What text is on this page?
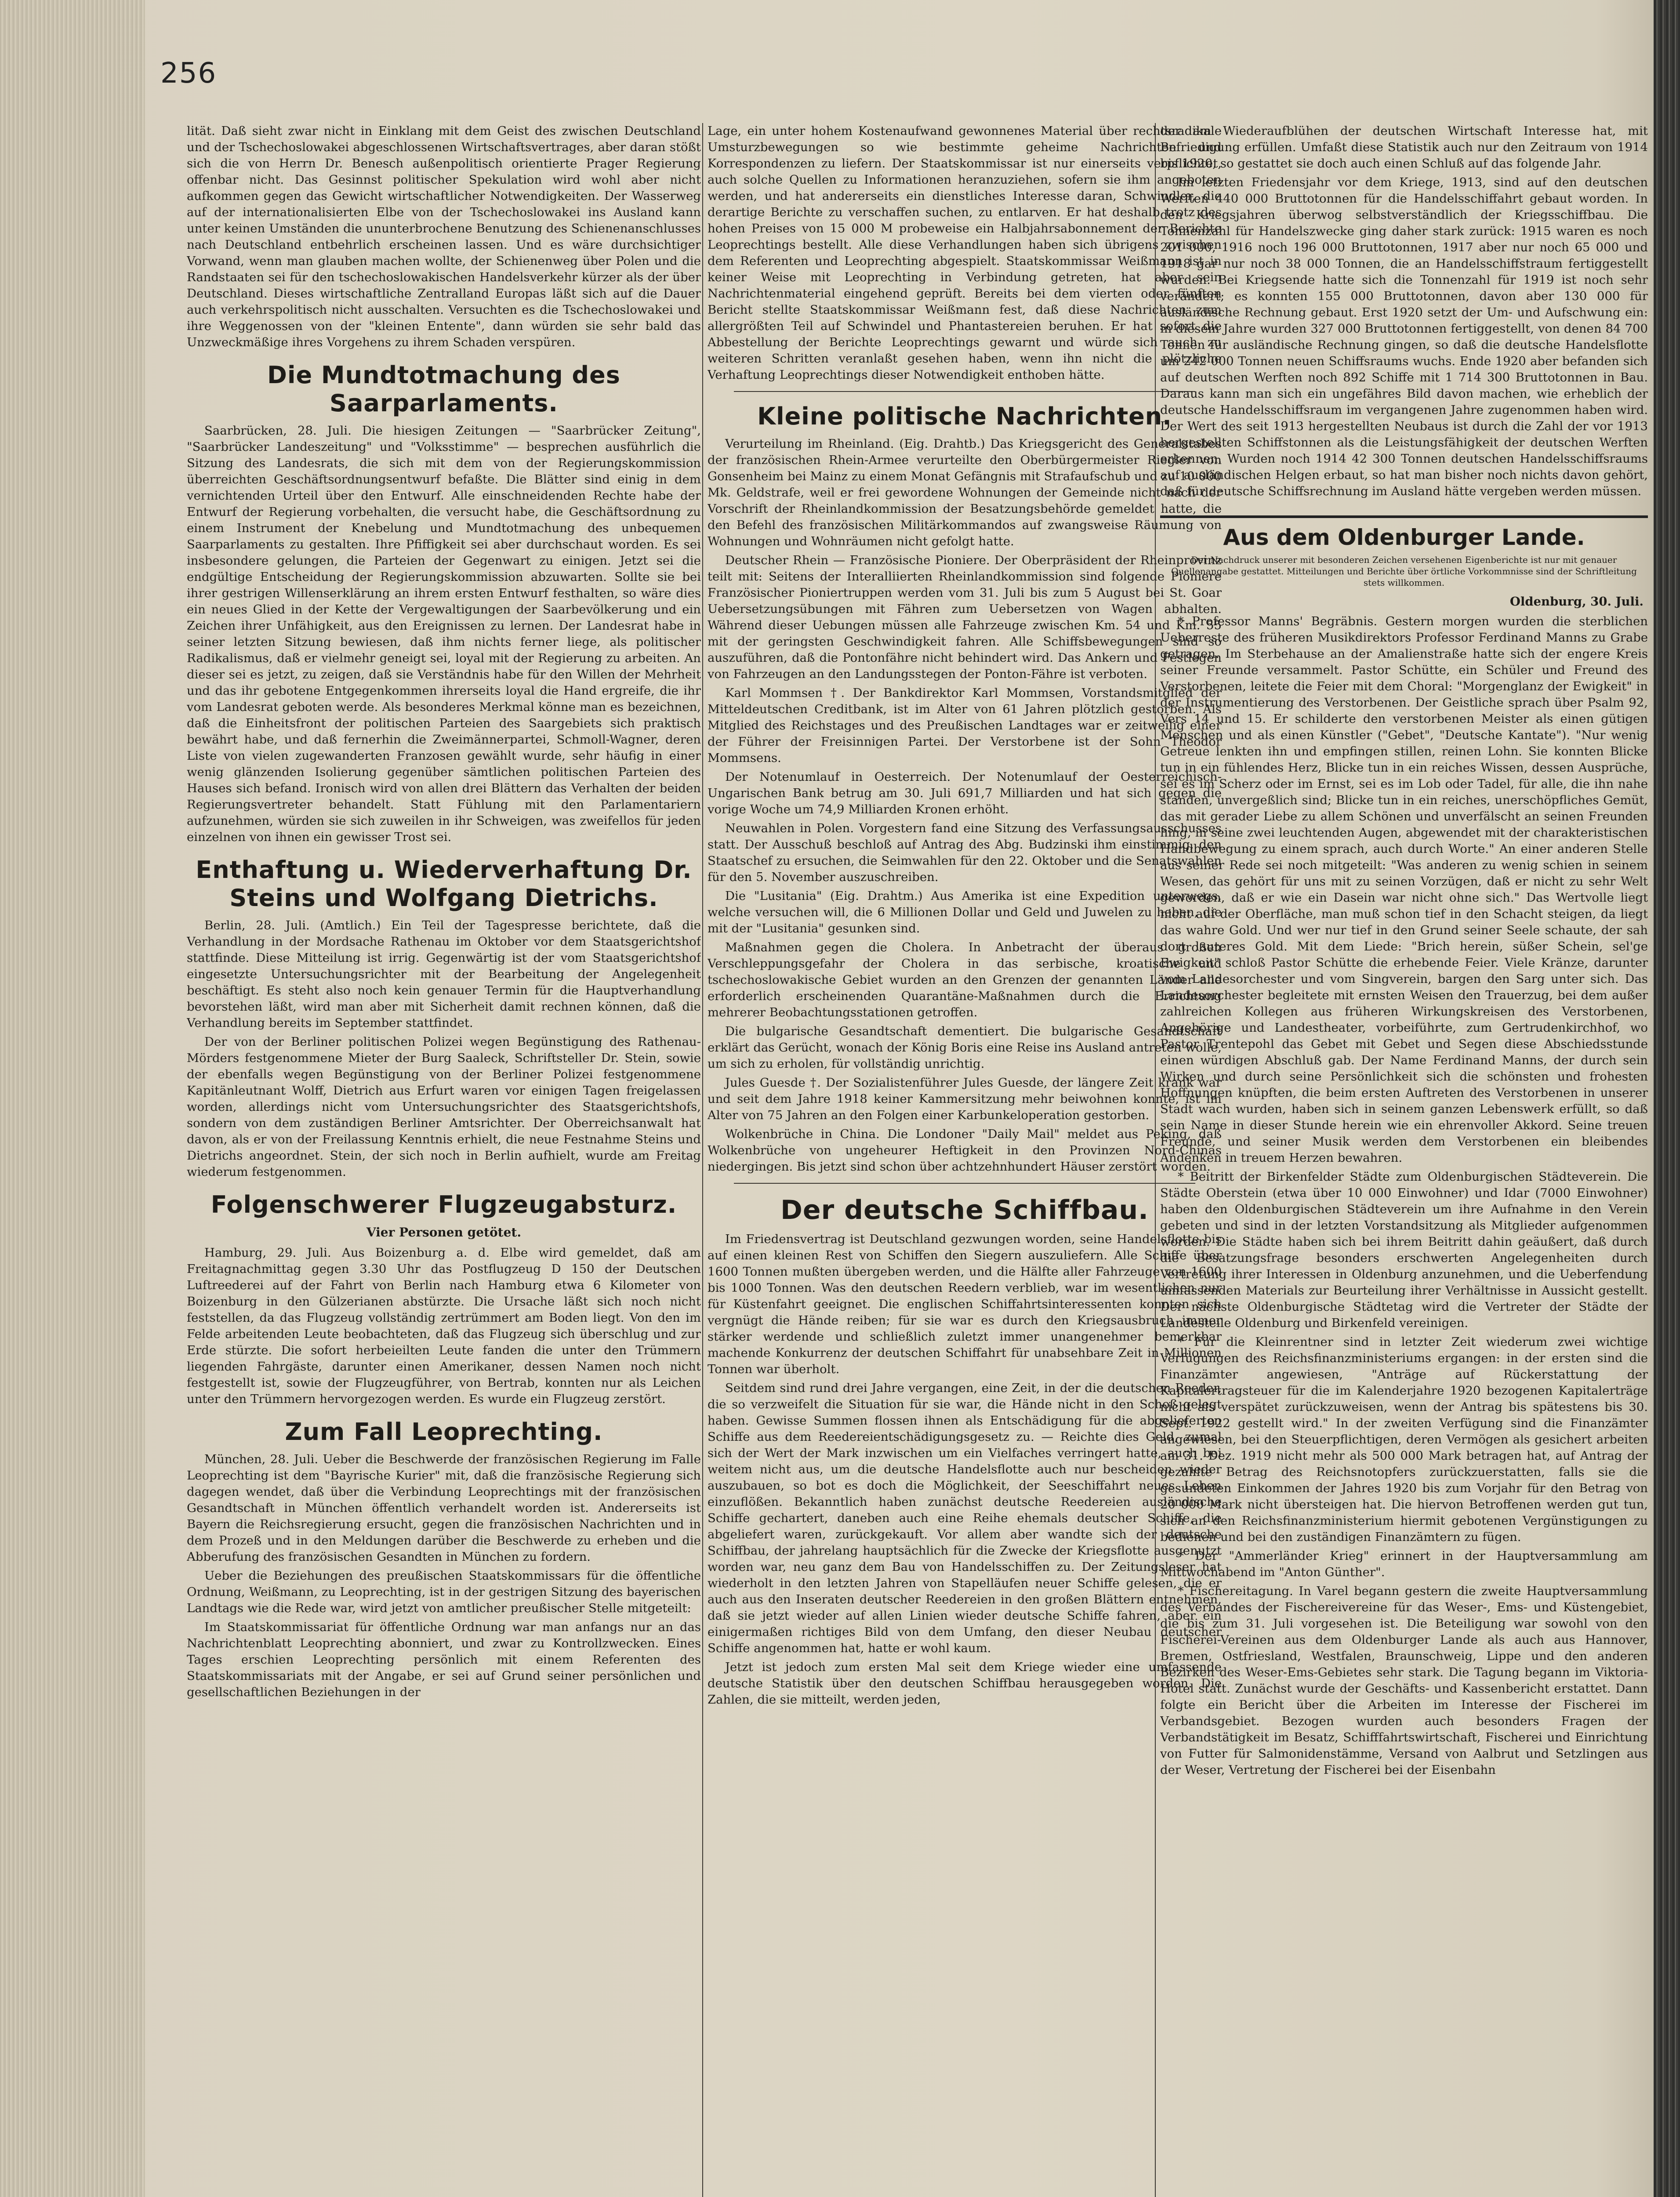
256

lität. Daß sieht zwar nicht in Einklang mit dem Geist des zwischen Deutschland und der Tschechoslowakei abgeschlossenen Wirtschaftsvertrages, aber daran stößt sich die von Herrn Dr. Benesch außenpolitisch orientierte Prager Regierung offenbar nicht. Das Gesinnst politischer Spekulation wird wohl aber nicht aufkommen gegen das Gewicht wirtschaftlicher Notwendigkeiten. Der Wasserweg auf der internationalisierten Elbe von der Tschechoslowakei ins Ausland kann unter keinen Umständen die ununterbrochene Benutzung des Schienenanschlusses nach Deutschland entbehrlich erscheinen lassen. Und es wäre durchsichtiger Vorwand, wenn man glauben machen wollte, der Schienenweg über Polen und die Randstaaten sei für den tschechoslowakischen Handelsverkehr kürzer als der über Deutschland. Dieses wirtschaftliche Zentralland Europas läßt sich auf die Dauer auch verkehrspolitisch nicht ausschalten. Versuchten es die Tschechoslowakei und ihre Weggenossen von der "kleinen Entente", dann würden sie sehr bald das Unzweckmäßige ihres Vorgehens zu ihrem Schaden verspüren.

Die Mundtotmachung des Saarparlaments.

Saarbrücken, 28. Juli. Die hiesigen Zeitungen — "Saarbrücker Zeitung", "Saarbrücker Landeszeitung" und "Volksstimme" — besprechen ausführlich die Sitzung des Landesrats, die sich mit dem von der Regierungskommission überreichten Geschäftsordnungsentwurf befaßte. Die Blätter sind einig in dem vernichtenden Urteil über den Entwurf. Alle einschneidenden Rechte habe der Entwurf der Regierung vorbehalten, die versucht habe, die Geschäftsordnung zu einem Instrument der Knebelung und Mundtotmachung des unbequemen Saarparlaments zu gestalten. Ihre Pfiffigkeit sei aber durchschaut worden. Es sei insbesondere gelungen, die Parteien der Gegenwart zu einigen. Jetzt sei die endgültige Entscheidung der Regierungskommission abzuwarten. Sollte sie bei ihrer gestrigen Willenserklärung an ihrem ersten Entwurf festhalten, so wäre dies ein neues Glied in der Kette der Vergewaltigungen der Saarbevölkerung und ein Zeichen ihrer Unfähigkeit, aus den Ereignissen zu lernen. Der Landesrat habe in seiner letzten Sitzung bewiesen, daß ihm nichts ferner liege, als politischer Radikalismus, daß er vielmehr geneigt sei, loyal mit der Regierung zu arbeiten. An dieser sei es jetzt, zu zeigen, daß sie Verständnis habe für den Willen der Mehrheit und das ihr gebotene Entgegenkommen ihrerseits loyal die Hand ergreife, die ihr vom Landesrat geboten werde. Als besonderes Merkmal könne man es bezeichnen, daß die Einheitsfront der politischen Parteien des Saargebiets sich praktisch bewährt habe, und daß fernerhin die Zweimännerpartei, Schmoll-Wagner, deren Liste von vielen zugewanderten Franzosen gewählt wurde, sehr häufig in einer wenig glänzenden Isolierung gegenüber sämtlichen politischen Parteien des Hauses sich befand. Ironisch wird von allen drei Blättern das Verhalten der beiden Regierungsvertreter behandelt. Statt Fühlung mit den Parlamentariern aufzunehmen, würden sie sich zuweilen in ihr Schweigen, was zweifellos für jeden einzelnen von ihnen ein gewisser Trost sei.

Enthaftung u. Wiederverhaftung Dr. Steins und Wolfgang Dietrichs.

Berlin, 28. Juli. (Amtlich.) Ein Teil der Tagespresse berichtete, daß die Verhandlung in der Mordsache Rathenau im Oktober vor dem Staatsgerichtshof stattfinde. Diese Mitteilung ist irrig. Gegenwärtig ist der vom Staatsgerichtshof eingesetzte Untersuchungsrichter mit der Bearbeitung der Angelegenheit beschäftigt. Es steht also noch kein genauer Termin für die Hauptverhandlung bevorstehen läßt, wird man aber mit Sicherheit damit rechnen können, daß die Verhandlung bereits im September stattfindet.

Der von der Berliner politischen Polizei wegen Begünstigung des Rathenau-Mörders festgenommene Mieter der Burg Saaleck, Schriftsteller Dr. Stein, sowie der ebenfalls wegen Begünstigung von der Berliner Polizei festgenommene Kapitänleutnant Wolff, Dietrich aus Erfurt waren vor einigen Tagen freigelassen worden, allerdings nicht vom Untersuchungsrichter des Staatsgerichtshofs, sondern von dem zuständigen Berliner Amtsrichter. Der Oberreichsanwalt hat davon, als er von der Freilassung Kenntnis erhielt, die neue Festnahme Steins und Dietrichs angeordnet. Stein, der sich noch in Berlin aufhielt, wurde am Freitag wiederum festgenommen.

Folgenschwerer Flugzeugabsturz.
Vier Personen getötet.

Hamburg, 29. Juli. Aus Boizenburg a. d. Elbe wird gemeldet, daß am Freitagnachmittag gegen 3.30 Uhr das Postflugzeug D 150 der Deutschen Luftreederei auf der Fahrt von Berlin nach Hamburg etwa 6 Kilometer von Boizenburg in den Gülzerianen abstürzte. Die Ursache läßt sich noch nicht feststellen, da das Flugzeug vollständig zertrümmert am Boden liegt. Von den im Felde arbeitenden Leute beobachteten, daß das Flugzeug sich überschlug und zur Erde stürzte. Die sofort herbeieilten Leute fanden die unter den Trümmern liegenden Fahrgäste, darunter einen Amerikaner, dessen Namen noch nicht festgestellt ist, sowie der Flugzeugführer, von Bertrab, konnten nur als Leichen unter den Trümmern hervorgezogen werden. Es wurde ein Flugzeug zerstört.

Zum Fall Leoprechting.

München, 28. Juli. Ueber die Beschwerde der französischen Regierung im Falle Leoprechting ist dem "Bayrische Kurier" mit, daß die französische Regierung sich dagegen wendet, daß über die Verbindung Leoprechtings mit der französischen Gesandtschaft in München öffentlich verhandelt worden ist. Andererseits ist Bayern die Reichsregierung ersucht, gegen die französischen Nachrichten und in dem Prozeß und in den Meldungen darüber die Beschwerde zu erheben und die Abberufung des französischen Gesandten in München zu fordern.

Ueber die Beziehungen des preußischen Staatskommissars für die öffentliche Ordnung, Weißmann, zu Leoprechting, ist in der gestrigen Sitzung des bayerischen Landtags wie die Rede war, wird jetzt von amtlicher preußischer Stelle mitgeteilt:

Im Staatskommissariat für öffentliche Ordnung war man anfangs nur an das Nachrichtenblatt Leoprechting abonniert, und zwar zu Kontrollzwecken. Eines Tages erschien Leoprechting persönlich mit einem Referenten des Staatskommissariats mit der Angabe, er sei auf Grund seiner persönlichen und gesellschaftlichen Beziehungen in der

Lage, ein unter hohem Kostenaufwand gewonnenes Material über rechtsradikale Umsturzbewegungen so wie bestimmte geheime Nachrichten und Korrespondenzen zu liefern. Der Staatskommissar ist nur einerseits verpflichtet, auch solche Quellen zu Informationen heranzuziehen, sofern sie ihm angeboten werden, und hat andererseits ein dienstliches Interesse daran, Schwindler, die derartige Berichte zu verschaffen suchen, zu entlarven. Er hat deshalb trotz des hohen Preises von 15 000 M probeweise ein Halbjahrsabonnement der Berichte Leoprechtings bestellt. Alle diese Verhandlungen haben sich übrigens zwischen dem Referenten und Leoprechting abgespielt. Staatskommissar Weißmann ist in keiner Weise mit Leoprechting in Verbindung getreten, hat aber sein Nachrichtenmaterial eingehend geprüft. Bereits bei dem vierten oder fünften Bericht stellte Staatskommissar Weißmann fest, daß diese Nachrichten zum allergrößten Teil auf Schwindel und Phantastereien beruhen. Er hat sofort die Abbestellung der Berichte Leoprechtings gewarnt und würde sich auch zu weiteren Schritten veranlaßt gesehen haben, wenn ihn nicht die plötzliche Verhaftung Leoprechtings dieser Notwendigkeit enthoben hätte.

Kleine politische Nachrichten.

Verurteilung im Rheinland. (Eig. Drahtb.) Das Kriegsgericht des Generalstabes der französischen Rhein-Armee verurteilte den Oberbürgermeister Riegler von Gonsenheim bei Mainz zu einem Monat Gefängnis mit Strafaufschub und zu 10 000 Mk. Geldstrafe, weil er frei gewordene Wohnungen der Gemeinde nicht nach der Vorschrift der Rheinlandkommission der Besatzungsbehörde gemeldet hatte, die den Befehl des französischen Militärkommandos auf zwangsweise Räumung von Wohnungen und Wohnräumen nicht gefolgt hatte.

Deutscher Rhein — Französische Pioniere. Der Oberpräsident der Rheinprovinz teilt mit: Seitens der Interalliierten Rheinlandkommission sind folgende Pioniere Französischer Pioniertruppen werden vom 31. Juli bis zum 5 August bei St. Goar Uebersetzungsübungen mit Fähren zum Uebersetzen von Wagen abhalten. Während dieser Uebungen müssen alle Fahrzeuge zwischen Km. 54 und Km. 55 mit der geringsten Geschwindigkeit fahren. Alle Schiffsbewegungen sind so auszuführen, daß die Pontonfähre nicht behindert wird. Das Ankern und Festlegen von Fahrzeugen an den Landungsstegen der Ponton-Fähre ist verboten.

Karl Mommsen †. Der Bankdirektor Karl Mommsen, Vorstandsmitglied der Mitteldeutschen Creditbank, ist im Alter von 61 Jahren plötzlich gestorben. Als Mitglied des Reichstages und des Preußischen Landtages war er zeitweilig einer der Führer der Freisinnigen Partei. Der Verstorbene ist der Sohn Theodor Mommsens.

Der Notenumlauf in Oesterreich. Der Notenumlauf der Oesterreichisch-Ungarischen Bank betrug am 30. Juli 691,7 Milliarden und hat sich gegen die vorige Woche um 74,9 Milliarden Kronen erhöht.

Neuwahlen in Polen. Vorgestern fand eine Sitzung des Verfassungsausschusses statt. Der Ausschuß beschloß auf Antrag des Abg. Budzinski ihm einstimmig, den Staatschef zu ersuchen, die Seimwahlen für den 22. Oktober und die Senatswahlen für den 5. November auszuschreiben.

Die "Lusitania" (Eig. Drahtm.) Aus Amerika ist eine Expedition unterwegs, welche versuchen will, die 6 Millionen Dollar und Geld und Juwelen zu heben, die mit der "Lusitania" gesunken sind.

Maßnahmen gegen die Cholera. In Anbetracht der überaus großen Verschleppungsgefahr der Cholera in das serbische, kroatische und tschechoslowakische Gebiet wurden an den Grenzen der genannten Länder alle erforderlich erscheinenden Quarantäne-Maßnahmen durch die Errichtung mehrerer Beobachtungsstationen getroffen.

Die bulgarische Gesandtschaft dementiert. Die bulgarische Gesandtschaft erklärt das Gerücht, wonach der König Boris eine Reise ins Ausland antreten wolle, um sich zu erholen, für vollständig unrichtig.

Jules Guesde †. Der Sozialistenführer Jules Guesde, der längere Zeit krank war und seit dem Jahre 1918 keiner Kammersitzung mehr beiwohnen konnte, ist im Alter von 75 Jahren an den Folgen einer Karbunkeloperation gestorben.

Wolkenbrüche in China. Die Londoner "Daily Mail" meldet aus Peking, daß Wolkenbrüche von ungeheurer Heftigkeit in den Provinzen Nord-Chinas niedergingen. Bis jetzt sind schon über achtzehnhundert Häuser zerstört worden.

Der deutsche Schiffbau.

Im Friedensvertrag ist Deutschland gezwungen worden, seine Handelsflotte bis auf einen kleinen Rest von Schiffen den Siegern auszuliefern. Alle Schiffe über 1600 Tonnen mußten übergeben werden, und die Hälfte aller Fahrzeuge von 1600 bis 1000 Tonnen. Was den deutschen Reedern verblieb, war im wesentlichen nur für Küstenfahrt geeignet. Die englischen Schiffahrtsinteressenten konnten sich vergnügt die Hände reiben; für sie war es durch den Kriegsausbruch immer stärker werdende und schließlich zuletzt immer unangenehmer bemerkbar machende Konkurrenz der deutschen Schiffahrt für unabsehbare Zeit in Millionen Tonnen war überholt.

Seitdem sind rund drei Jahre vergangen, eine Zeit, in der die deutschen Reeder, die so verzweifelt die Situation für sie war, die Hände nicht in den Schoß gelegt haben. Gewisse Summen flossen ihnen als Entschädigung für die abgelieferten Schiffe aus dem Reedereientschädigungsgesetz zu. — Reichte dies Geld, zumal sich der Wert der Mark inzwischen um ein Vielfaches verringert hatte, auch bei weitem nicht aus, um die deutsche Handelsflotte auch nur bescheiden wieder auszubauen, so bot es doch die Möglichkeit, der Seeschiffahrt neues Leben einzuflößen. Bekanntlich haben zunächst deutsche Reedereien ausländische Schiffe gechartert, daneben auch eine Reihe ehemals deutscher Schiffe, die abgeliefert waren, zurückgekauft. Vor allem aber wandte sich der deutsche Schiffbau, der jahrelang hauptsächlich für die Zwecke der Kriegsflotte ausgenutzt worden war, neu ganz dem Bau von Handelsschiffen zu. Der Zeitungsleser hat wiederholt in den letzten Jahren von Stapelläufen neuer Schiffe gelesen, die er auch aus den Inseraten deutscher Reedereien in den großen Blättern entnehmen, daß sie jetzt wieder auf allen Linien wieder deutsche Schiffe fahren, aber ein einigermaßen richtiges Bild von dem Umfang, den dieser Neubau deutscher Schiffe angenommen hat, hatte er wohl kaum.

Jetzt ist jedoch zum ersten Mal seit dem Kriege wieder eine umfassende deutsche Statistik über den deutschen Schiffbau herausgegeben worden. Die Zahlen, die sie mitteilt, werden jeden,

der am Wiederaufblühen der deutschen Wirtschaft Interesse hat, mit Befriedigung erfüllen. Umfaßt diese Statistik auch nur den Zeitraum von 1914 bis 1920, so gestattet sie doch auch einen Schluß auf das folgende Jahr.

Im letzten Friedensjahr vor dem Kriege, 1913, sind auf den deutschen Werften 440 000 Bruttotonnen für die Handelsschiffahrt gebaut worden. In den Kriegsjahren überwog selbstverständlich der Kriegsschiffbau. Die Tonnenzahl für Handelszwecke ging daher stark zurück: 1915 waren es noch 201 000, 1916 noch 196 000 Bruttotonnen, 1917 aber nur noch 65 000 und 1918 gar nur noch 38 000 Tonnen, die an Handelsschiffstraum fertiggestellt wurden. Bei Kriegsende hatte sich die Tonnenzahl für 1919 ist noch sehr verändert; es konnten 155 000 Bruttotonnen, davon aber 130 000 für ausländische Rechnung gebaut. Erst 1920 setzt der Um- und Aufschwung ein: in diesem Jahre wurden 327 000 Bruttotonnen fertiggestellt, von denen 84 700 Tonnen für ausländische Rechnung gingen, so daß die deutsche Handelsflotte um 242 000 Tonnen neuen Schiffsraums wuchs. Ende 1920 aber befanden sich auf deutschen Werften noch 892 Schiffe mit 1 714 300 Bruttotonnen in Bau. Daraus kann man sich ein ungefähres Bild davon machen, wie erheblich der deutsche Handelsschiffsraum im vergangenen Jahre zugenommen haben wird. Der Wert des seit 1913 hergestellten Neubaus ist durch die Zahl der vor 1913 hergestellten Schiffstonnen als die Leistungsfähigkeit der deutschen Werften erkennen. Wurden noch 1914 42 300 Tonnen deutschen Handelsschiffsraums auf ausländischen Helgen erbaut, so hat man bisher noch nichts davon gehört, daß für deutsche Schiffsrechnung im Ausland hätte vergeben werden müssen.

Aus dem Oldenburger Lande.
Der Nachdruck unserer mit besonderen Zeichen versehenen Eigenberichte ist nur mit genauer Quellenangabe gestattet. Mitteilungen und Berichte über örtliche Vorkommnisse sind der Schriftleitung stets willkommen.
Oldenburg, 30. Juli.

* Professor Manns' Begräbnis. Gestern morgen wurden die sterblichen Ueberreste des früheren Musikdirektors Professor Ferdinand Manns zu Grabe getragen. Im Sterbehause an der Amalienstraße hatte sich der engere Kreis seiner Freunde versammelt. Pastor Schütte, ein Schüler und Freund des Verstorbenen, leitete die Feier mit dem Choral: "Morgenglanz der Ewigkeit" in der Instrumentierung des Verstorbenen. Der Geistliche sprach über Psalm 92, Vers 14 und 15. Er schilderte den verstorbenen Meister als einen gütigen Menschen und als einen Künstler ("Gebet", "Deutsche Kantate"). "Nur wenig Getreue lenkten ihn und empfingen stillen, reinen Lohn. Sie konnten Blicke tun in ein fühlendes Herz, Blicke tun in ein reiches Wissen, dessen Ausprüche, sei es im Scherz oder im Ernst, sei es im Lob oder Tadel, für alle, die ihn nahe standen, unvergeßlich sind; Blicke tun in ein reiches, unerschöpfliches Gemüt, das mit gerader Liebe zu allem Schönen und unverfälscht an seinen Freunden hing, in seine zwei leuchtenden Augen, abgewendet mit der charakteristischen Handbewegung zu einem sprach, auch durch Worte." An einer anderen Stelle aus seiner Rede sei noch mitgeteilt: "Was anderen zu wenig schien in seinem Wesen, das gehört für uns mit zu seinen Vorzügen, daß er nicht zu sehr Welt geworden, daß er wie ein Dasein war nicht ohne sich." Das Wertvolle liegt nicht auf der Oberfläche, man muß schon tief in den Schacht steigen, da liegt das wahre Gold. Und wer nur tief in den Grund seiner Seele schaute, der sah dort lauteres Gold. Mit dem Liede: "Brich herein, süßer Schein, sel'ge Ewigkeit" schloß Pastor Schütte die erhebende Feier. Viele Kränze, darunter vom Landesorchester und vom Singverein, bargen den Sarg unter sich. Das Landesorchester begleitete mit ernsten Weisen den Trauerzug, bei dem außer zahlreichen Kollegen aus früheren Wirkungskreisen des Verstorbenen, Angehörige und Landestheater, vorbeiführte, zum Gertrudenkirchhof, wo Pastor Trentepohl das Gebet mit Gebet und Segen diese Abschiedsstunde einen würdigen Abschluß gab. Der Name Ferdinand Manns, der durch sein Wirken und durch seine Persönlichkeit sich die schönsten und frohesten Hoffnungen knüpften, die beim ersten Auftreten des Verstorbenen in unserer Stadt wach wurden, haben sich in seinem ganzen Lebenswerk erfüllt, so daß sein Name in dieser Stunde herein wie ein ehrenvoller Akkord. Seine treuen Freunde, und seiner Musik werden dem Verstorbenen ein bleibendes Andenken in treuem Herzen bewahren.

* Beitritt der Birkenfelder Städte zum Oldenburgischen Städteverein. Die Städte Oberstein (etwa über 10 000 Einwohner) und Idar (7000 Einwohner) haben den Oldenburgischen Städteverein um ihre Aufnahme in den Verein gebeten und sind in der letzten Vorstandsitzung als Mitglieder aufgenommen worden. Die Städte haben sich bei ihrem Beitritt dahin geäußert, daß durch die Besatzungsfrage besonders erschwerten Angelegenheiten durch Vertretung ihrer Interessen in Oldenburg anzunehmen, und die Ueberfendung umfassenden Materials zur Beurteilung ihrer Verhältnisse in Aussicht gestellt. Der nächste Oldenburgische Städtetag wird die Vertreter der Städte der Landesteile Oldenburg und Birkenfeld vereinigen.

* Für die Kleinrentner sind in letzter Zeit wiederum zwei wichtige Verfügungen des Reichsfinanzministeriums ergangen: in der ersten sind die Finanzämter angewiesen, "Anträge auf Rückerstattung der Kapitalertragsteuer für die im Kalenderjahre 1920 bezogenen Kapitalerträge nicht als verspätet zurückzuweisen, wenn der Antrag bis spätestens bis 30. Sept. 1922 gestellt wird." In der zweiten Verfügung sind die Finanzämter angewiesen, bei den Steuerpflichtigen, deren Vermögen als gesichert arbeiten am 31. Dez. 1919 nicht mehr als 500 000 Mark betragen hat, auf Antrag der gezahlte Betrag des Reichsnotopfers zurückzuerstatten, falls sie die gesundeten Einkommen der Jahres 1920 bis zum Vorjahr für den Betrag von 20 000 Mark nicht übersteigen hat. Die hiervon Betroffenen werden gut tun, sich an den Reichsfinanzministerium hiermit gebotenen Vergünstigungen zu bedienen und bei den zuständigen Finanzämtern zu fügen.

* Der "Ammerländer Krieg" erinnert in der Hauptversammlung am Mittwochabend im "Anton Günther".

* Fischereitagung. In Varel begann gestern die zweite Hauptversammlung des Verbandes der Fischereivereine für das Weser-, Ems- und Küstengebiet, die bis zum 31. Juli vorgesehen ist. Die Beteiligung war sowohl von den Fischerei-Vereinen aus dem Oldenburger Lande als auch aus Hannover, Bremen, Ostfriesland, Westfalen, Braunschweig, Lippe und den anderen Bezirken des Weser-Ems-Gebietes sehr stark. Die Tagung begann im Viktoria-Hotel statt. Zunächst wurde der Geschäfts- und Kassenbericht erstattet. Dann folgte ein Bericht über die Arbeiten im Interesse der Fischerei im Verbandsgebiet. Bezogen wurden auch besonders Fragen der Verbandstätigkeit im Besatz, Schifffahrtswirtschaft, Fischerei und Einrichtung von Futter für Salmonidenstämme, Versand von Aalbrut und Setzlingen aus der Weser, Vertretung der Fischerei bei der Eisenbahn
